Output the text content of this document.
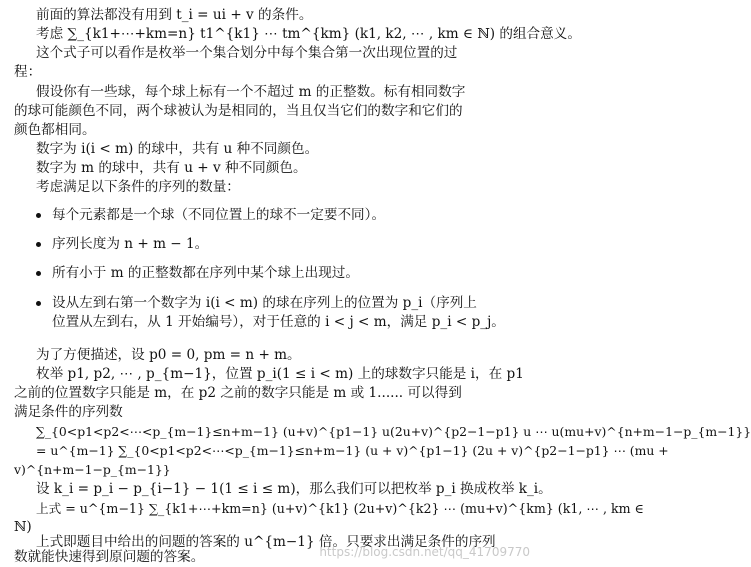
前面的算法都没有用到 t_i = ui + v 的条件。
考虑 ∑_{k1+⋯+km=n} t1^{k1} ⋯ tm^{km} (k1, k2, ⋯ , km ∈ ℕ) 的组合意义。
这个式子可以看作是枚举一个集合划分中每个集合第一次出现位置的过
程：
假设你有一些球，每个球上标有一个不超过 m 的正整数。标有相同数字
的球可能颜色不同，两个球被认为是相同的，当且仅当它们的数字和它们的
颜色都相同。
数字为 i(i < m) 的球中，共有 u 种不同颜色。
数字为 m 的球中，共有 u + v 种不同颜色。
考虑满足以下条件的序列的数量：
每个元素都是一个球（不同位置上的球不一定要不同）。
序列长度为 n + m − 1。
所有小于 m 的正整数都在序列中某个球上出现过。
设从左到右第一个数字为 i(i < m) 的球在序列上的位置为 p_i（序列上
位置从左到右，从 1 开始编号），对于任意的 i < j < m，满足 p_i < p_j。
为了方便描述，设 p0 = 0, pm = n + m。
枚举 p1, p2, ⋯ , p_{m−1}，位置 p_i(1 ≤ i < m) 上的球数字只能是 i，在 p1
之前的位置数字只能是 m，在 p2 之前的数字只能是 m 或 1...... 可以得到
满足条件的序列数
∑_{0<p1<p2<⋯<p_{m−1}≤n+m−1} (u+v)^{p1−1} u(2u+v)^{p2−1−p1} u ⋯ u(mu+v)^{n+m−1−p_{m−1}}
= u^{m−1} ∑_{0<p1<p2<⋯<p_{m−1}≤n+m−1} (u + v)^{p1−1} (2u + v)^{p2−1−p1} ⋯ (mu +
v)^{n+m−1−p_{m−1}}
设 k_i = p_i − p_{i−1} − 1(1 ≤ i ≤ m)，那么我们可以把枚举 p_i 换成枚举 k_i。
上式 = u^{m−1} ∑_{k1+⋯+km=n} (u+v)^{k1} (2u+v)^{k2} ⋯ (mu+v)^{km} (k1, ⋯ , km ∈
ℕ)
上式即题目中给出的问题的答案的 u^{m−1} 倍。只要求出满足条件的序列
数就能快速得到原问题的答案。	https://blog.csdn.net/qq_41709770
